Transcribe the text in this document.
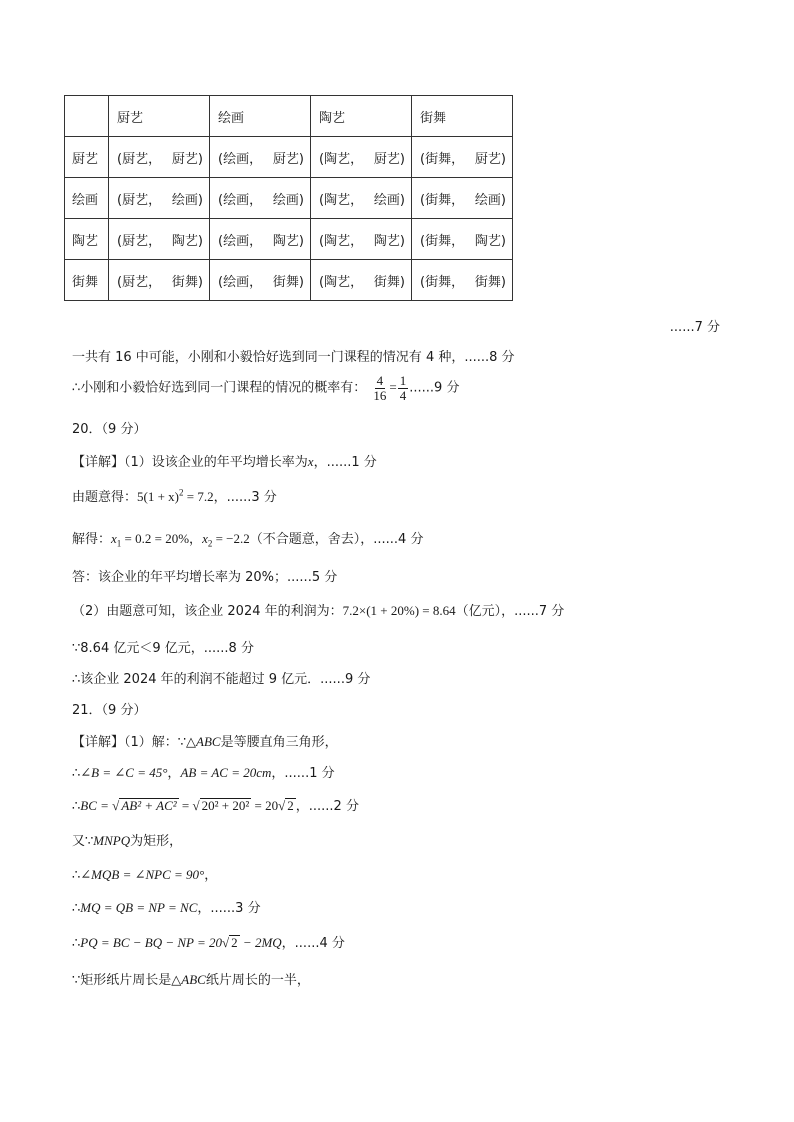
	厨艺	绘画	陶艺	街舞
厨艺	(厨艺， 厨艺)	(绘画， 厨艺)	(陶艺， 厨艺)	(街舞， 厨艺)

绘画	(厨艺， 绘画)	(绘画， 绘画)	(陶艺， 绘画)	(街舞， 绘画)

陶艺	(厨艺， 陶艺)	(绘画， 陶艺)	(陶艺， 陶艺)	(街舞， 陶艺)

街舞	(厨艺， 街舞)	(绘画， 街舞)	(陶艺， 街舞)	(街舞， 街舞)
......7 分
一共有 16 中可能，小刚和小毅恰好选到同一门课程的情况有 4 种，......8 分
∴小刚和小毅恰好选到同一门课程的情况的概率有： $\frac{4}{16} = \frac{1}{4} ......9$ 分
20．（9 分）
【详解】（1）设该企业的年平均增长率为x，......1 分
由题意得：$5(1 + x)^2 = 7.2$，......3 分
解得：$x_1 = 0.2 = 20\%$，$x_2 = -2.2$（不合题意，舍去），......4 分
答：该企业的年平均增长率为 20%；......5 分
（2）由题意可知，该企业 2024 年的利润为：7.2×(1 + 20%) = 8.64（亿元），......7 分
∵8.64 亿元＜9 亿元，......8 分
∴该企业 2024 年的利润不能超过 9 亿元．......9 分
21．（9 分）
【详解】（1）解：∵△ABC是等腰直角三角形，
∴∠B = ∠C = 45°，AB = AC = 20cm，......1 分
∴BC = √ AB² + AC² = √ 20² + 20² = 20√ 2 ，......2 分
又∵MNPQ为矩形，
∴∠MQB = ∠NPC = 90°，
∴MQ = QB = NP = NC，......3 分
∴PQ = BC − BQ − NP = 20√ 2 − 2MQ，......4 分
∵矩形纸片周长是△ABC纸片周长的一半，
